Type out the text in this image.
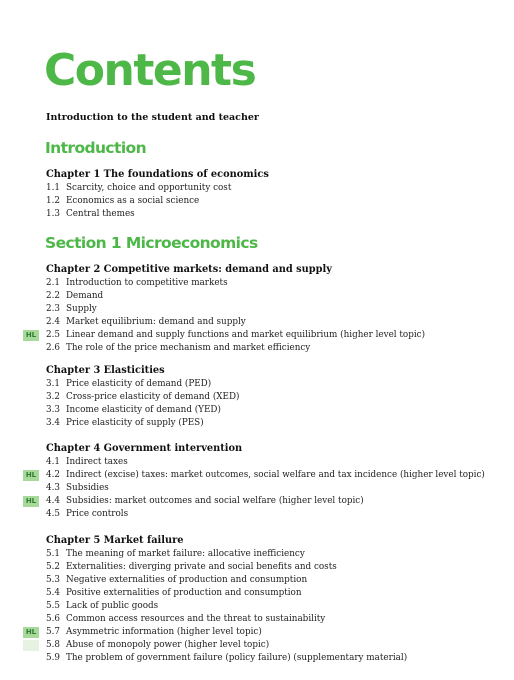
Contents
Introduction to the student and teacher
Introduction
Chapter 1 The foundations of economics
1.1 Scarcity, choice and opportunity cost
1.2 Economics as a social science
1.3 Central themes
Section 1 Microeconomics
Chapter 2 Competitive markets: demand and supply
2.1 Introduction to competitive markets
2.2 Demand
2.3 Supply
2.4 Market equilibrium: demand and supply
2.5 Linear demand and supply functions and market equilibrium (higher level topic)
HL
2.6 The role of the price mechanism and market efficiency
Chapter 3 Elasticities
3.1 Price elasticity of demand (PED)
3.2 Cross-price elasticity of demand (XED)
3.3 Income elasticity of demand (YED)
3.4 Price elasticity of supply (PES)
Chapter 4 Government intervention
4.1 Indirect taxes
4.2 Indirect (excise) taxes: market outcomes, social welfare and tax incidence (higher level topic)
HL
4.3 Subsidies
4.4 Subsidies: market outcomes and social welfare (higher level topic)
HL
4.5 Price controls
Chapter 5 Market failure
5.1 The meaning of market failure: allocative inefficiency
5.2 Externalities: diverging private and social benefits and costs
5.3 Negative externalities of production and consumption
5.4 Positive externalities of production and consumption
5.5 Lack of public goods
5.6 Common access resources and the threat to sustainability
5.7 Asymmetric information (higher level topic)
HL
5.8 Abuse of monopoly power (higher level topic)
5.9 The problem of government failure (policy failure) (supplementary material)
